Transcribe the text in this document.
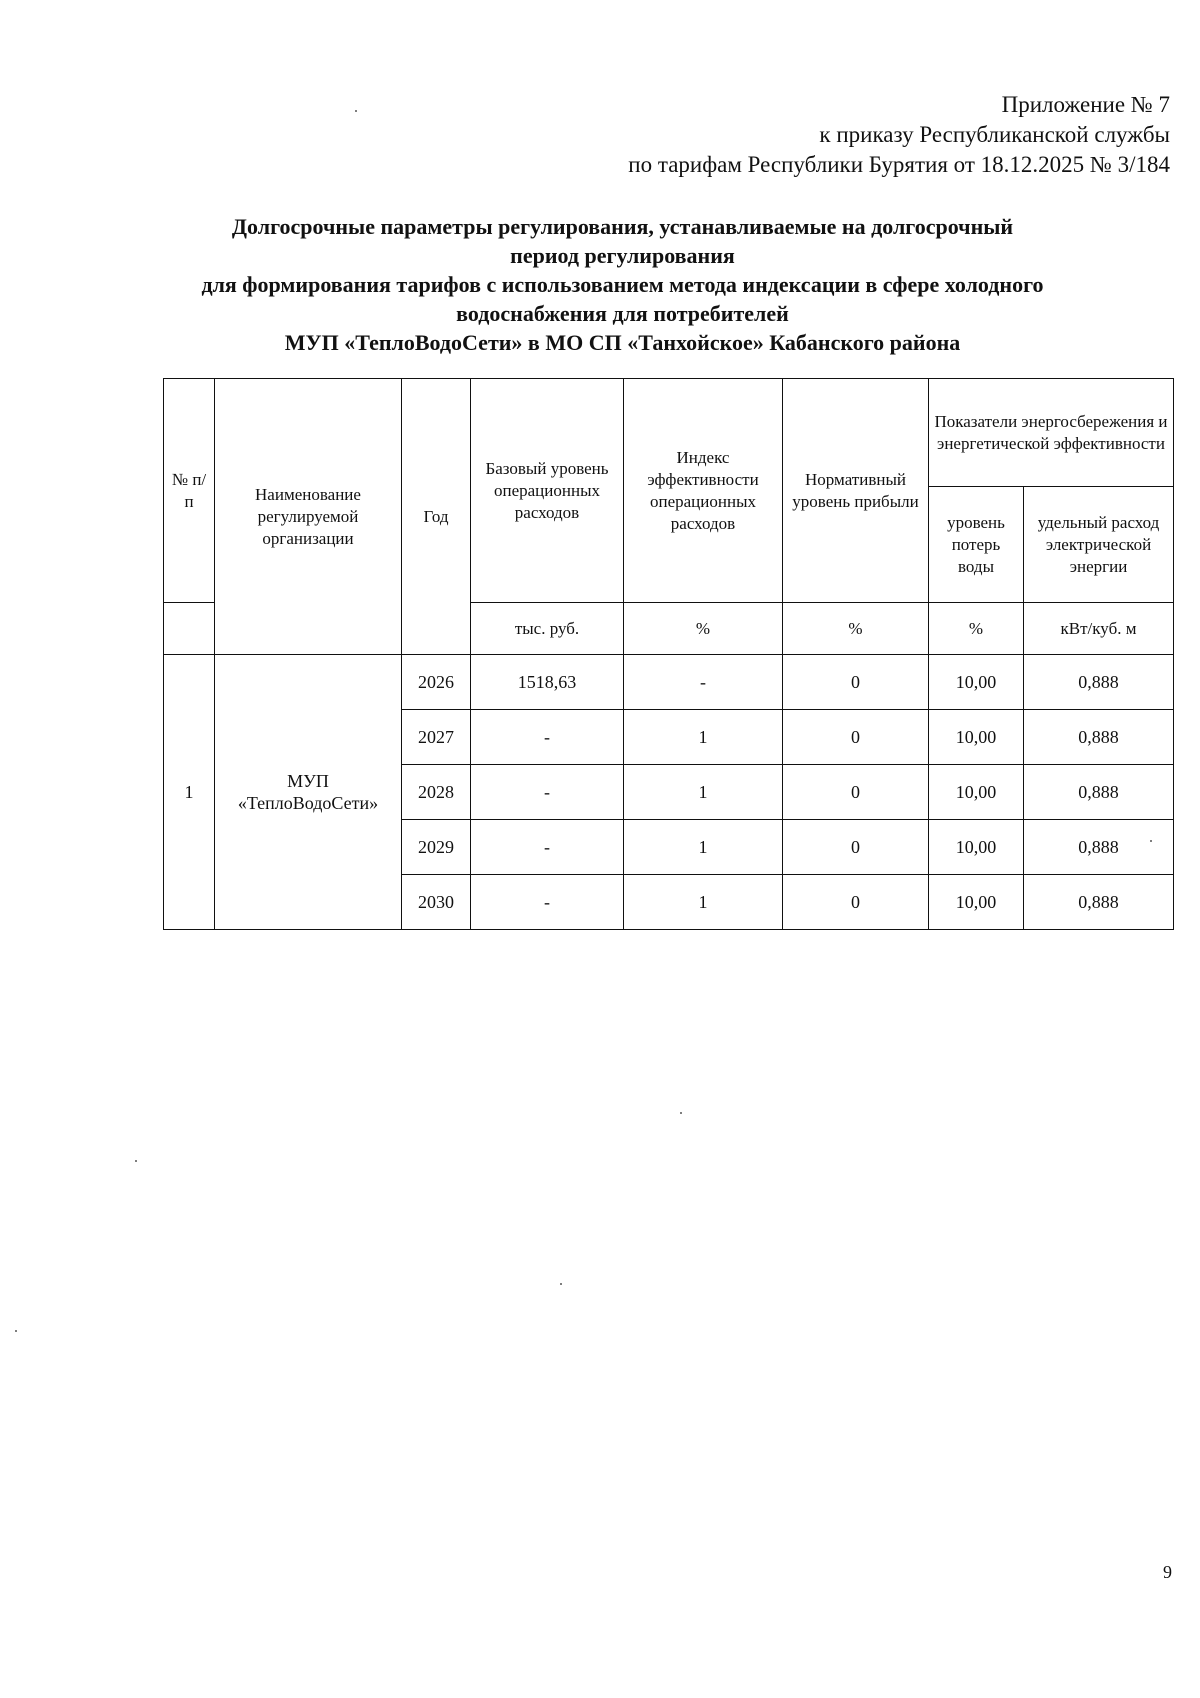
Приложение № 7
к приказу Республиканской службы
по тарифам Республики Бурятия от 18.12.2025 № 3/184
Долгосрочные параметры регулирования, устанавливаемые на долгосрочный
период регулирования
для формирования тарифов с использованием метода индексации в сфере холодного
водоснабжения для потребителей
МУП «ТеплоВодоСети» в МО СП «Танхойское» Кабанского района
№ п/п	Наименование регулируемой организации	Год	Базовый уровень операционных расходов	Индекс эффективности операционных расходов	Нормативный уровень прибыли	Показатели энергосбережения и энергетической эффективности	
						уровень потерь воды	удельный расход электрической энергии
			тыс. руб.	%	%	%	кВт/куб. м
1	МУП «ТеплоВодоСети»	2026	1518,63	-	0	10,00	0,888
		2027	-	1	0	10,00	0,888
		2028	-	1	0	10,00	0,888
		2029	-	1	0	10,00	0,888
		2030	-	1	0	10,00	0,888
9
